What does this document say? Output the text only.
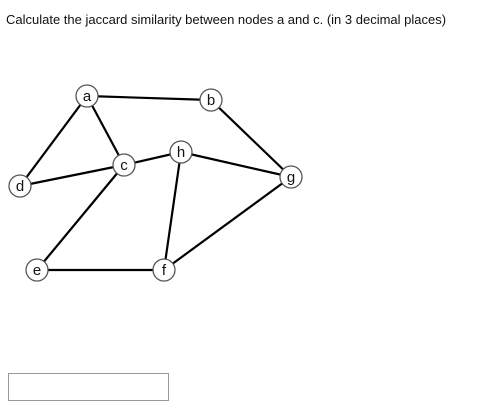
Calculate the jaccard similarity between nodes a and c. (in 3 decimal places)
a	b
c
d
e	f
g
h
